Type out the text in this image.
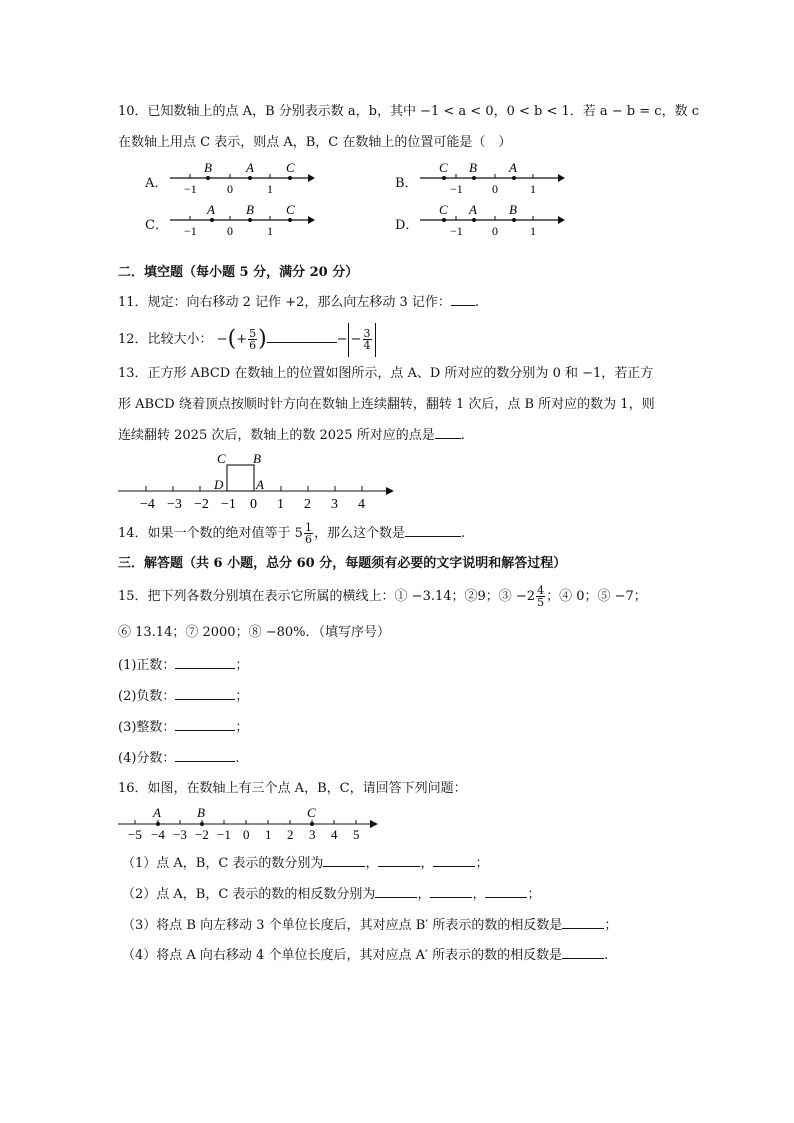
10．已知数轴上的点 A，B 分别表示数 a，b，其中 −1 < a < 0，0 < b < 1．若 a − b = c，数 c
在数轴上用点 C 表示，则点 A，B，C 在数轴上的位置可能是（　）
A．
B	A C
−1	0	1	B．
C B A
−1 0	1
C．
A B C
−1	0	1	D．
C A B
−1 0	1
二．填空题（每小题 5 分，满分 20 分）
11．规定：向右移动 2 记作 +2，那么向左移动 3 记作： .
12．比较大小： −(+ $\frac{5}{6}$ )	− − $\frac{3}{4}$
13．正方形 ABCD 在数轴上的位置如图所示，点 A、D 所对应的数分别为 0 和 −1，若正方
形 ABCD 绕着顶点按顺时针方向在数轴上连续翻转，翻转 1 次后，点 B 所对应的数为 1，则
连续翻转 2025 次后，数轴上的数 2025 所对应的点是 .
C B
D	A
−4 −3 −2 −1 0 1 2 3 4
14．如果一个数的绝对值等于 $5 \frac{1}{6}$ ，那么这个数是	.
三．解答题（共 6 小题，总分 60 分，每题须有必要的文字说明和解答过程）
15．把下列各数分别填在表示它所属的横线上：① −3.14；②9；③ $-2 \frac{4}{5}$ ；④ 0；⑤ −7；
⑥ 13.14；⑦ 2000；⑧ −80%．（填写序号）
(1)正数：	；
(2)负数：	；
(3)整数：	；
(4)分数：	.
16．如图，在数轴上有三个点 A，B，C，请回答下列问题：
A	B	C
−5 −4 −3 −2 −1 0 1 2 3 4 5
（1）点 A，B，C 表示的数分别为	，	，	；
（2）点 A，B，C 表示的数的相反数分别为	，	，	；
（3）将点 B 向左移动 3 个单位长度后，其对应点 B′ 所表示的数的相反数是	；
（4）将点 A 向右移动 4 个单位长度后，其对应点 A′ 所表示的数的相反数是	.
